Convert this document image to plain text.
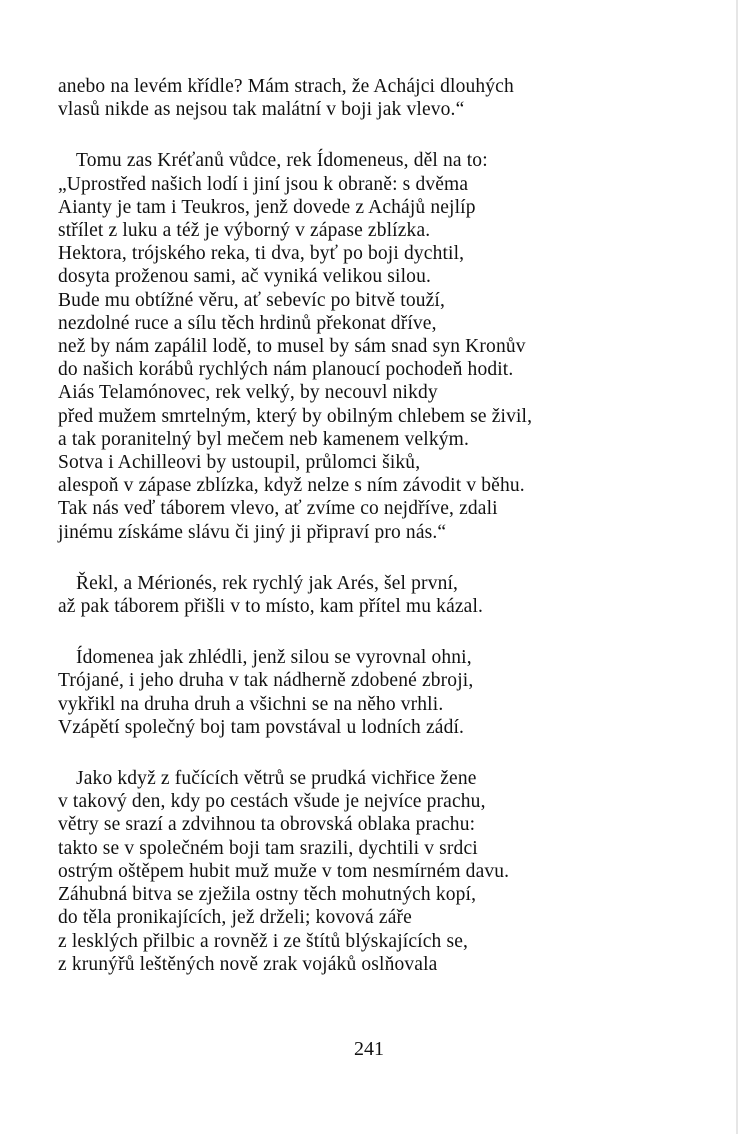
anebo na levém křídle? Mám strach, že Achájci dlouhých
vlasů nikde as nejsou tak malátní v boji jak vlevo.“
Tomu zas Kréťanů vůdce, rek Ídomeneus, děl na to:
„Uprostřed našich lodí i jiní jsou k obraně: s dvěma
Aianty je tam i Teukros, jenž dovede z Achájů nejlíp
střílet z luku a též je výborný v zápase zblízka.
Hektora, trójského reka, ti dva, byť po boji dychtil,
dosyta proženou sami, ač vyniká velikou silou.
Bude mu obtížné věru, ať sebevíc po bitvě touží,
nezdolné ruce a sílu těch hrdinů překonat dříve,
než by nám zapálil lodě, to musel by sám snad syn Kronův
do našich korábů rychlých nám planoucí pochodeň hodit.
Aiás Telamónovec, rek velký, by necouvl nikdy
před mužem smrtelným, který by obilným chlebem se živil,
a tak poranitelný byl mečem neb kamenem velkým.
Sotva i Achilleovi by ustoupil, průlomci šiků,
alespoň v zápase zblízka, když nelze s ním závodit v běhu.
Tak nás veď táborem vlevo, ať zvíme co nejdříve, zdali
jinému získáme slávu či jiný ji připraví pro nás.“
Řekl, a Mérionés, rek rychlý jak Arés, šel první,
až pak táborem přišli v to místo, kam přítel mu kázal.
Ídomenea jak zhlédli, jenž silou se vyrovnal ohni,
Trójané, i jeho druha v tak nádherně zdobené zbroji,
vykřikl na druha druh a všichni se na něho vrhli.
Vzápětí společný boj tam povstával u lodních zádí.
Jako když z fučících větrů se prudká vichřice žene
v takový den, kdy po cestách všude je nejvíce prachu,
větry se srazí a zdvihnou ta obrovská oblaka prachu:
takto se v společném boji tam srazili, dychtili v srdci
ostrým oštěpem hubit muž muže v tom nesmírném davu.
Záhubná bitva se zježila ostny těch mohutných kopí,
do těla pronikajících, jež drželi; kovová záře
z lesklých přilbic a rovněž i ze štítů blýskajících se,
z krunýřů leštěných nově zrak vojáků oslňovala
241
